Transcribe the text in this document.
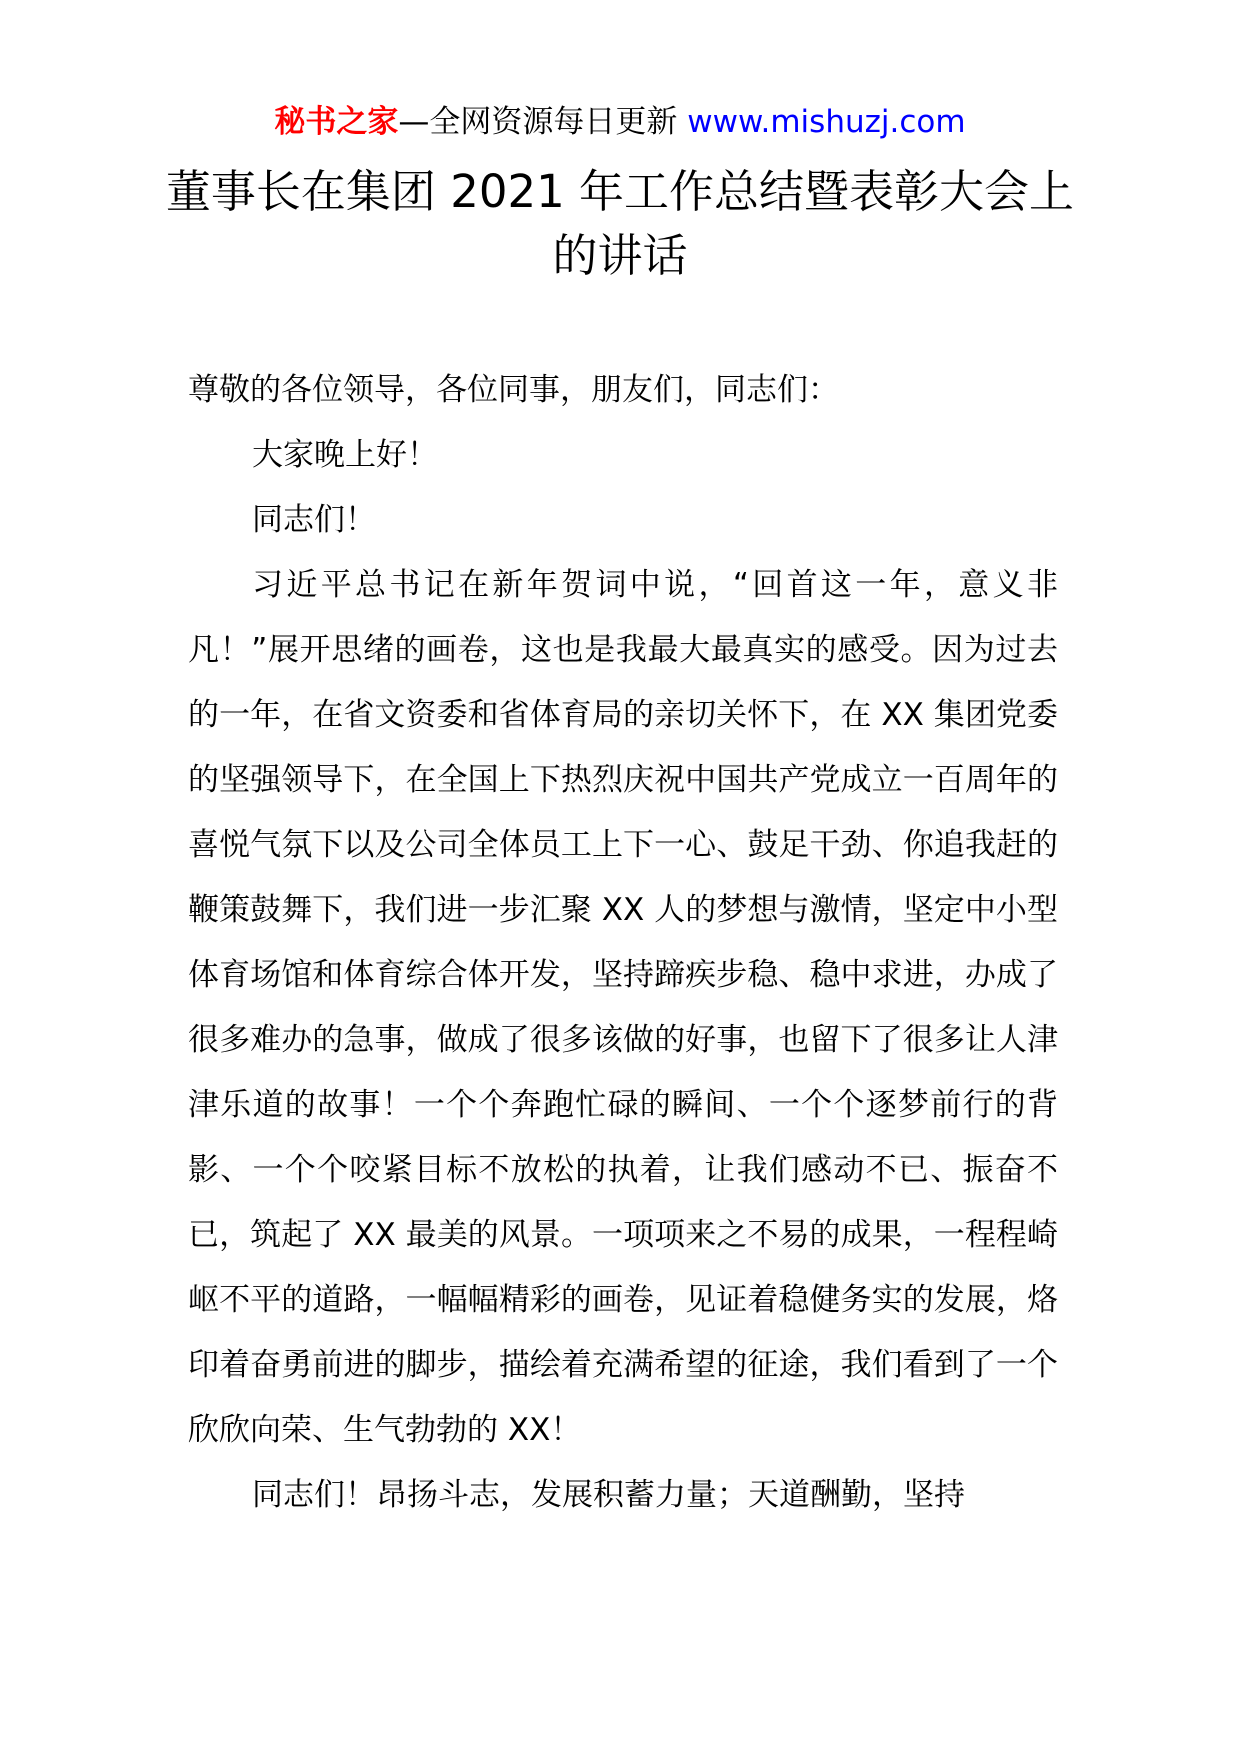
秘书之家—全网资源每日更新 www.mishuzj.com
董事长在集团 2021 年工作总结暨表彰大会上的讲话

尊敬的各位领导，各位同事，朋友们，同志们：

大家晚上好！

同志们！

习近平总书记在新年贺词中说，“回首这一年，意义非凡！”展开思绪的画卷，这也是我最大最真实的感受。因为过去的一年，在省文资委和省体育局的亲切关怀下，在 XX 集团党委的坚强领导下，在全国上下热烈庆祝中国共产党成立一百周年的喜悦气氛下以及公司全体员工上下一心、鼓足干劲、你追我赶的鞭策鼓舞下，我们进一步汇聚 XX 人的梦想与激情，坚定中小型体育场馆和体育综合体开发，坚持蹄疾步稳、稳中求进，办成了很多难办的急事，做成了很多该做的好事，也留下了很多让人津津乐道的故事！一个个奔跑忙碌的瞬间、一个个逐梦前行的背影、一个个咬紧目标不放松的执着，让我们感动不已、振奋不已，筑起了 XX 最美的风景。一项项来之不易的成果，一程程崎岖不平的道路，一幅幅精彩的画卷，见证着稳健务实的发展，烙印着奋勇前进的脚步，描绘着充满希望的征途，我们看到了一个欣欣向荣、生气勃勃的 XX！

同志们！昂扬斗志，发展积蓄力量；天道酬勤，坚持
